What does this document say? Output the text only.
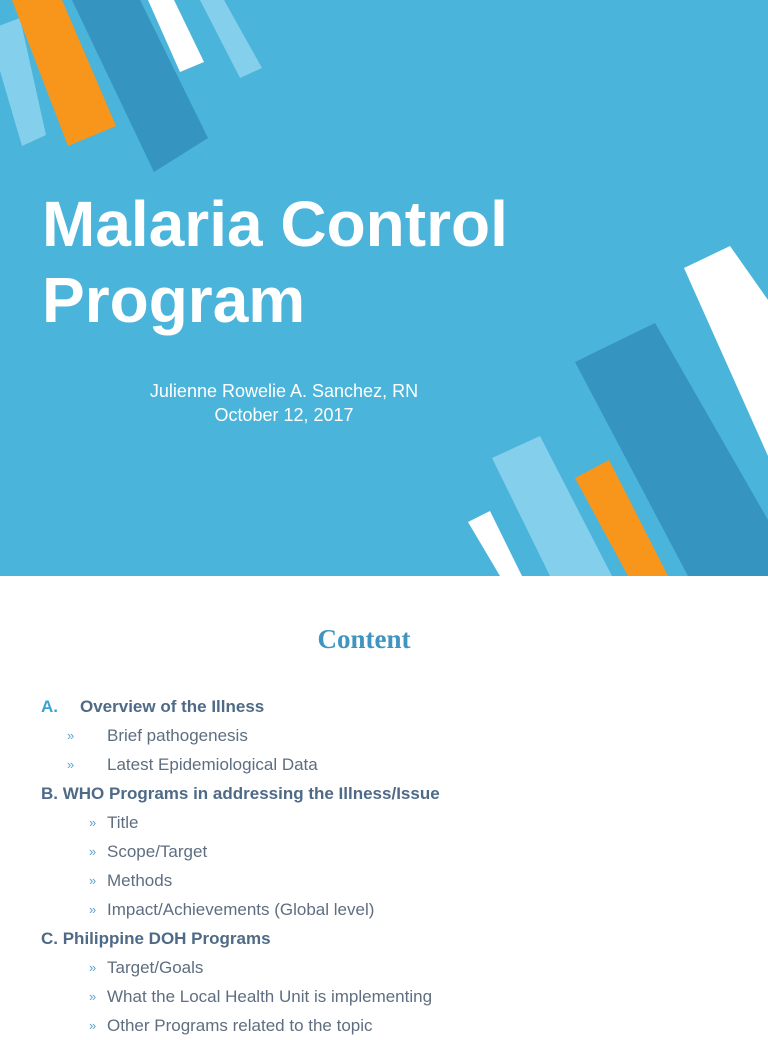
Malaria Control
Program
Julienne Rowelie A. Sanchez, RN
October 12, 2017
Content
A. Overview of the Illness
» Brief pathogenesis
» Latest Epidemiological Data
B. WHO Programs in addressing the Illness/Issue
» Title
» Scope/Target
» Methods
» Impact/Achievements (Global level)
C. Philippine DOH Programs
» Target/Goals
» What the Local Health Unit is implementing
» Other Programs related to the topic
